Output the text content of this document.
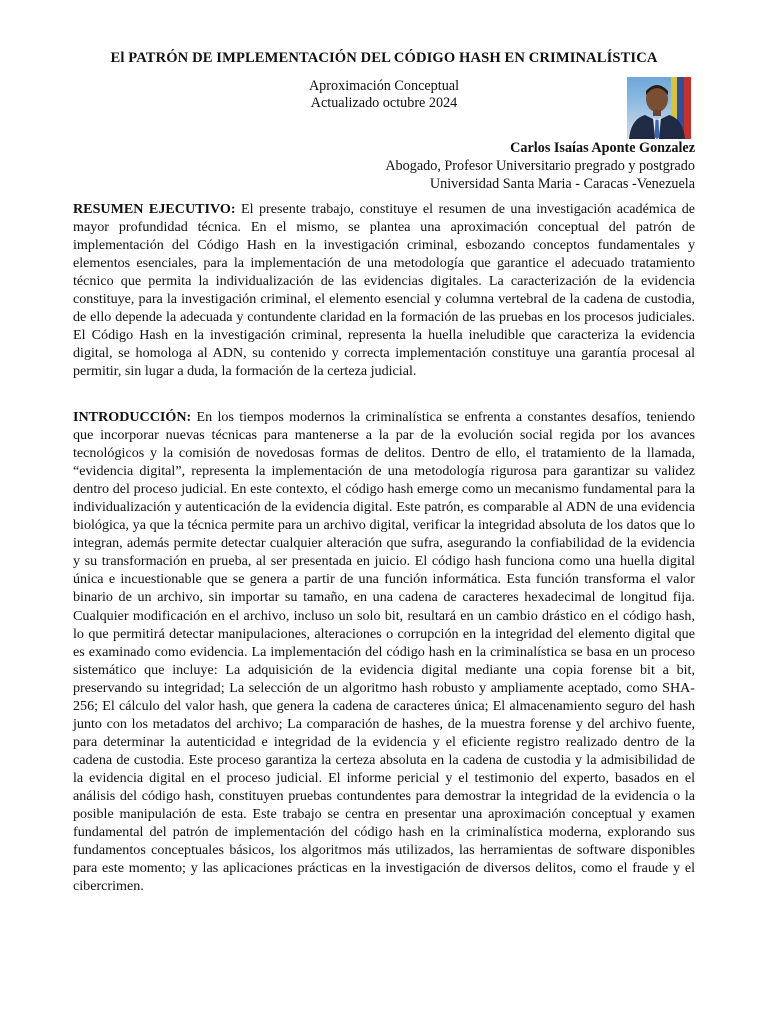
El PATRÓN DE IMPLEMENTACIÓN DEL CÓDIGO HASH EN CRIMINALÍSTICA
Aproximación Conceptual
Actualizado octubre 2024
Carlos Isaías Aponte Gonzalez
Abogado, Profesor Universitario pregrado y postgrado
Universidad Santa Maria - Caracas -Venezuela

RESUMEN EJECUTIVO: El presente trabajo, constituye el resumen de una investigación académica de mayor profundidad técnica. En el mismo, se plantea una aproximación conceptual del patrón de implementación del Código Hash en la investigación criminal, esbozando conceptos fundamentales y elementos esenciales, para la implementación de una metodología que garantice el adecuado tratamiento técnico que permita la individualización de las evidencias digitales. La caracterización de la evidencia constituye, para la investigación criminal, el elemento esencial y columna vertebral de la cadena de custodia, de ello depende la adecuada y contundente claridad en la formación de las pruebas en los procesos judiciales. El Código Hash en la investigación criminal, representa la huella ineludible que caracteriza la evidencia digital, se homologa al ADN, su contenido y correcta implementación constituye una garantía procesal al permitir, sin lugar a duda, la formación de la certeza judicial.

INTRODUCCIÓN: En los tiempos modernos la criminalística se enfrenta a constantes desafíos, teniendo que incorporar nuevas técnicas para mantenerse a la par de la evolución social regida por los avances tecnológicos y la comisión de novedosas formas de delitos. Dentro de ello, el tratamiento de la llamada, “evidencia digital”, representa la implementación de una metodología rigurosa para garantizar su validez dentro del proceso judicial. En este contexto, el código hash emerge como un mecanismo fundamental para la individualización y autenticación de la evidencia digital. Este patrón, es comparable al ADN de una evidencia biológica, ya que la técnica permite para un archivo digital, verificar la integridad absoluta de los datos que lo integran, además permite detectar cualquier alteración que sufra, asegurando la confiabilidad de la evidencia y su transformación en prueba, al ser presentada en juicio. El código hash funciona como una huella digital única e incuestionable que se genera a partir de una función informática. Esta función transforma el valor binario de un archivo, sin importar su tamaño, en una cadena de caracteres hexadecimal de longitud fija. Cualquier modificación en el archivo, incluso un solo bit, resultará en un cambio drástico en el código hash, lo que permitirá detectar manipulaciones, alteraciones o corrupción en la integridad del elemento digital que es examinado como evidencia. La implementación del código hash en la criminalística se basa en un proceso sistemático que incluye: La adquisición de la evidencia digital mediante una copia forense bit a bit, preservando su integridad; La selección de un algoritmo hash robusto y ampliamente aceptado, como SHA-256; El cálculo del valor hash, que genera la cadena de caracteres única; El almacenamiento seguro del hash junto con los metadatos del archivo; La comparación de hashes, de la muestra forense y del archivo fuente, para determinar la autenticidad e integridad de la evidencia y el eficiente registro realizado dentro de la cadena de custodia. Este proceso garantiza la certeza absoluta en la cadena de custodia y la admisibilidad de la evidencia digital en el proceso judicial. El informe pericial y el testimonio del experto, basados en el análisis del código hash, constituyen pruebas contundentes para demostrar la integridad de la evidencia o la posible manipulación de esta. Este trabajo se centra en presentar una aproximación conceptual y examen fundamental del patrón de implementación del código hash en la criminalística moderna, explorando sus fundamentos conceptuales básicos, los algoritmos más utilizados, las herramientas de software disponibles para este momento; y las aplicaciones prácticas en la investigación de diversos delitos, como el fraude y el cibercrimen.
